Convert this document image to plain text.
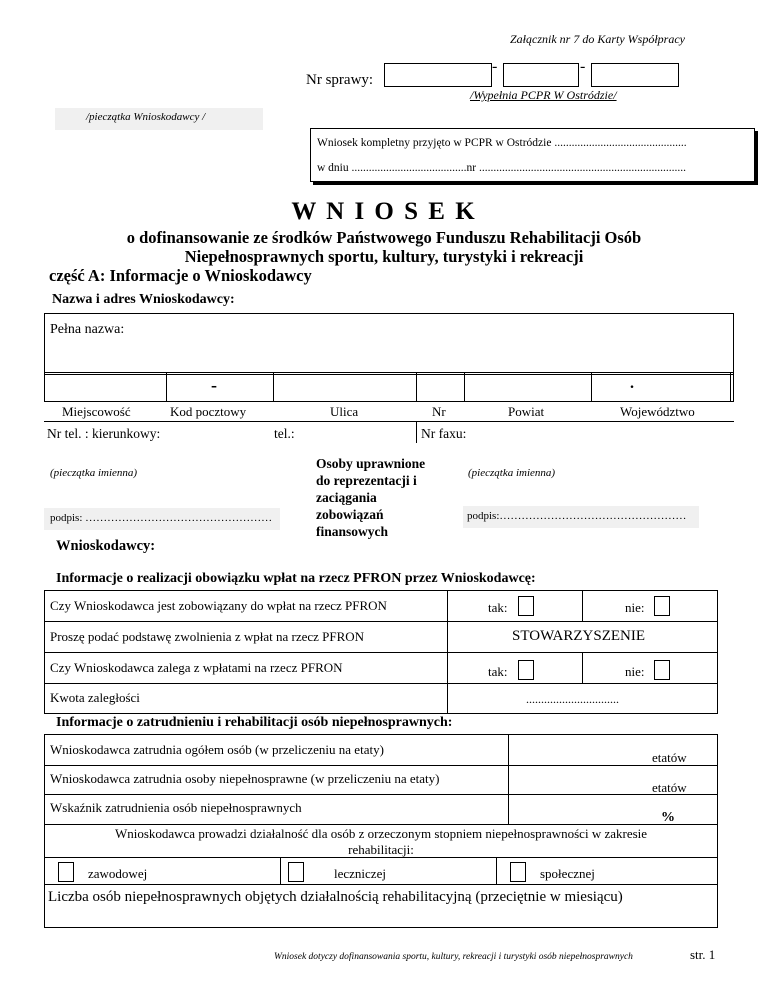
Załącznik nr 7 do Karty Współpracy
Nr sprawy:
-	-
/Wypełnia PCPR W Ostródzie/
/pieczątka Wnioskodawcy /
Wniosek kompletny przyjęto w PCPR w Ostródzie ..............................................
w dniu ........................................nr ........................................................................
W N I O S E K
o dofinansowanie ze środków Państwowego Funduszu Rehabilitacji Osób
Niepełnosprawnych sportu, kultury, turystyki i rekreacji
część A: Informacje o Wnioskodawcy
Nazwa i adres Wnioskodawcy:
Pełna nazwa:
-	.
Miejscowość	Kod pocztowy	Ulica	Nr	Powiat	Województwo
Nr tel. : kierunkowy:	tel.:	Nr faxu:
(pieczątka imienna)
podpis: ……………………………………………
Osoby uprawnione
do reprezentacji i
zaciągania
zobowiązań
finansowych
(pieczątka imienna)
podpis:……………………………………………
Wnioskodawcy:
Informacje o realizacji obowiązku wpłat na rzecz PFRON przez Wnioskodawcę:
Czy Wnioskodawca jest zobowiązany do wpłat na rzecz PFRON	tak:	nie:
Proszę podać podstawę zwolnienia z wpłat na rzecz PFRON	STOWARZYSZENIE
Czy Wnioskodawca zalega z wpłatami na rzecz PFRON	tak:	nie:
Kwota zaległości	...............................
Informacje o zatrudnieniu i rehabilitacji osób niepełnosprawnych:
Wnioskodawca zatrudnia ogółem osób (w przeliczeniu na etaty)
etatów
Wnioskodawca zatrudnia osoby niepełnosprawne (w przeliczeniu na etaty)
etatów
Wskaźnik zatrudnienia osób niepełnosprawnych
%
Wnioskodawca prowadzi działalność dla osób z orzeczonym stopniem niepełnosprawności w zakresie
rehabilitacji:
zawodowej	leczniczej	społecznej
Liczba osób niepełnosprawnych objętych działalnością rehabilitacyjną (przeciętnie w miesiącu)
Wniosek dotyczy dofinansowania sportu, kultury, rekreacji i turystyki osób niepełnosprawnych	str. 1
